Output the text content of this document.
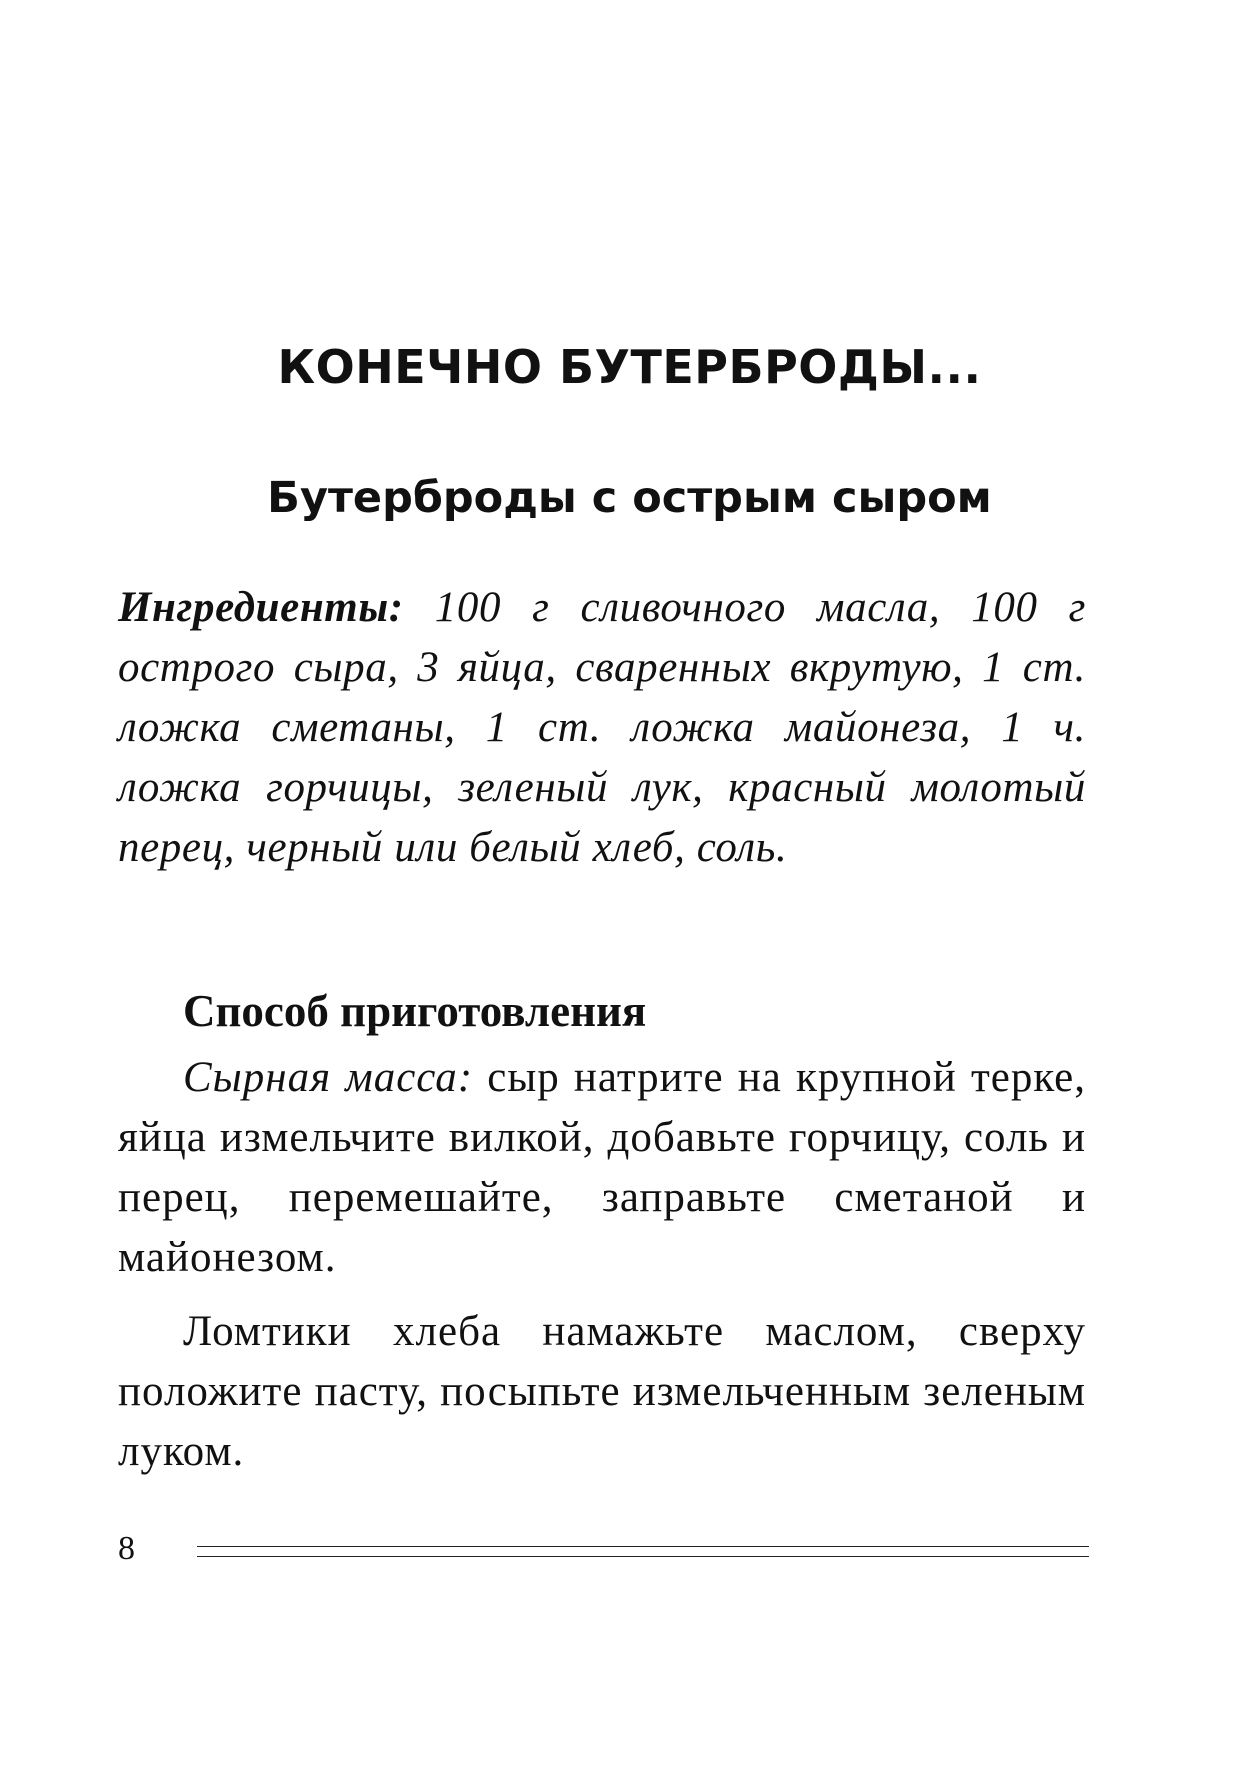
КОНЕЧНО БУТЕРБРОДЫ...
Бутерброды с острым сыром

Ингредиенты: 100 г сливочного масла, 100 г острого сыра, 3 яйца, сваренных вкрутую, 1 ст. ложка сметаны, 1 ст. ложка майонеза, 1 ч. ложка горчицы, зеленый лук, красный молотый перец, черный или белый хлеб, соль.

Способ приготовления

Сырная масса: сыр натрите на крупной терке, яйца измельчите вилкой, добавьте горчицу, соль и перец, перемешайте, заправьте сметаной и майонезом.

Ломтики хлеба намажьте маслом, сверху положите пасту, посыпьте измельченным зеленым луком.

8
